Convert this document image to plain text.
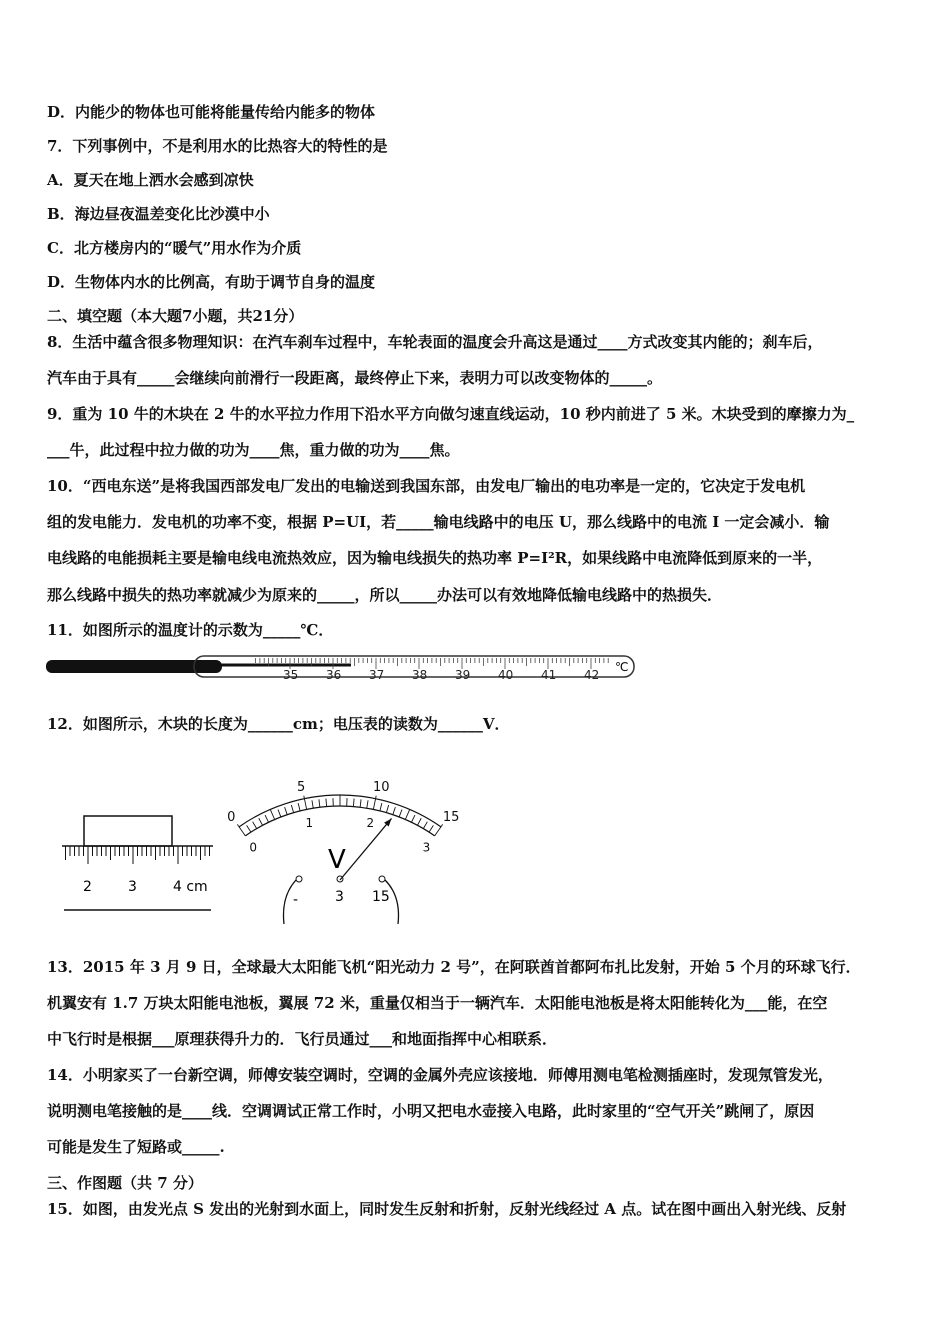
D．内能少的物体也可能将能量传给内能多的物体
7．下列事例中，不是利用水的比热容大的特性的是
A．夏天在地上洒水会感到凉快
B．海边昼夜温差变化比沙漠中小
C．北方楼房内的“暖气”用水作为介质
D．生物体内水的比例高，有助于调节自身的温度
二、填空题（本大题7小题，共21分）
8．生活中蕴含很多物理知识：在汽车刹车过程中，车轮表面的温度会升高这是通过____方式改变其内能的；刹车后，
汽车由于具有_____会继续向前滑行一段距离，最终停止下来，表明力可以改变物体的_____。
9．重为 10 牛的木块在 2 牛的水平拉力作用下沿水平方向做匀速直线运动，10 秒内前进了 5 米。木块受到的摩擦力为_
___牛，此过程中拉力做的功为____焦，重力做的功为____焦。
10．“西电东送”是将我国西部发电厂发出的电输送到我国东部，由发电厂输出的电功率是一定的，它决定于发电机
组的发电能力．发电机的功率不变，根据 P=UI，若_____输电线路中的电压 U，那么线路中的电流 I 一定会减小．输
电线路的电能损耗主要是输电线电流热效应，因为输电线损失的热功率 P=I²R，如果线路中电流降低到原来的一半，
那么线路中损失的热功率就减少为原来的_____，所以_____办法可以有效地降低输电线路中的热损失．
11．如图所示的温度计的示数为_____℃．
35 36 37 38 39 40 41 42
℃
12．如图所示，木块的长度为______cm；电压表的读数为______V．
2	3	4 cm
0
5	10
15
0
1	2
3
V
-	3 15
13．2015 年 3 月 9 日，全球最大太阳能飞机“阳光动力 2 号”，在阿联酋首都阿布扎比发射，开始 5 个月的环球飞行．
机翼安有 1.7 万块太阳能电池板，翼展 72 米，重量仅相当于一辆汽车．太阳能电池板是将太阳能转化为___能，在空
中飞行时是根据___原理获得升力的．飞行员通过___和地面指挥中心相联系．
14．小明家买了一台新空调，师傅安装空调时，空调的金属外壳应该接地．师傅用测电笔检测插座时，发现氖管发光，
说明测电笔接触的是____线．空调调试正常工作时，小明又把电水壶接入电路，此时家里的“空气开关”跳闸了，原因
可能是发生了短路或_____.
三、作图题（共 7 分）
15．如图，由发光点 S 发出的光射到水面上，同时发生反射和折射，反射光线经过 A 点。试在图中画出入射光线、反射
